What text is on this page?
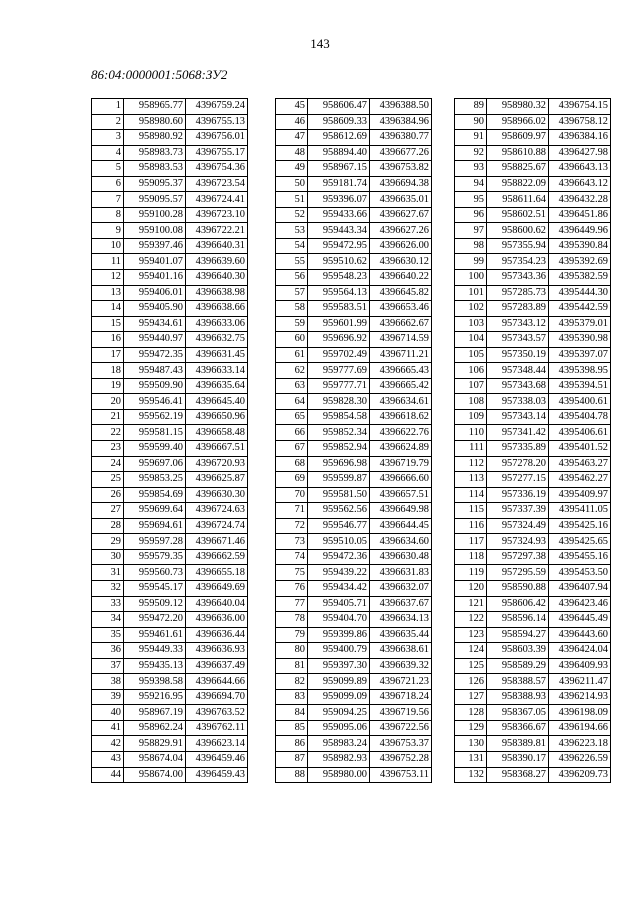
143
86:04:0000001:5068:ЗУ2
1	958965.77	4396759.24
2	958980.60	4396755.13
3	958980.92	4396756.01
4	958983.73	4396755.17
5	958983.53	4396754.36
6	959095.37	4396723.54
7	959095.57	4396724.41
8	959100.28	4396723.10
9	959100.08	4396722.21
10	959397.46	4396640.31
11	959401.07	4396639.60
12	959401.16	4396640.30
13	959406.01	4396638.98
14	959405.90	4396638.66
15	959434.61	4396633.06
16	959440.97	4396632.75
17	959472.35	4396631.45
18	959487.43	4396633.14
19	959509.90	4396635.64
20	959546.41	4396645.40
21	959562.19	4396650.96
22	959581.15	4396658.48
23	959599.40	4396667.51
24	959697.06	4396720.93
25	959853.25	4396625.87
26	959854.69	4396630.30
27	959699.64	4396724.63
28	959694.61	4396724.74
29	959597.28	4396671.46
30	959579.35	4396662.59
31	959560.73	4396655.18
32	959545.17	4396649.69
33	959509.12	4396640.04
34	959472.20	4396636.00
35	959461.61	4396636.44
36	959449.33	4396636.93
37	959435.13	4396637.49
38	959398.58	4396644.66
39	959216.95	4396694.70
40	958967.19	4396763.52
41	958962.24	4396762.11
42	958829.91	4396623.14
43	958674.04	4396459.46
44	958674.00	4396459.43
45	958606.47	4396388.50
46	958609.33	4396384.96
47	958612.69	4396380.77
48	958894.40	4396677.26
49	958967.15	4396753.82
50	959181.74	4396694.38
51	959396.07	4396635.01
52	959433.66	4396627.67
53	959443.34	4396627.26
54	959472.95	4396626.00
55	959510.62	4396630.12
56	959548.23	4396640.22
57	959564.13	4396645.82
58	959583.51	4396653.46
59	959601.99	4396662.67
60	959696.92	4396714.59
61	959702.49	4396711.21
62	959777.69	4396665.43
63	959777.71	4396665.42
64	959828.30	4396634.61
65	959854.58	4396618.62
66	959852.34	4396622.76
67	959852.94	4396624.89
68	959696.98	4396719.79
69	959599.87	4396666.60
70	959581.50	4396657.51
71	959562.56	4396649.98
72	959546.77	4396644.45
73	959510.05	4396634.60
74	959472.36	4396630.48
75	959439.22	4396631.83
76	959434.42	4396632.07
77	959405.71	4396637.67
78	959404.70	4396634.13
79	959399.86	4396635.44
80	959400.79	4396638.61
81	959397.30	4396639.32
82	959099.89	4396721.23
83	959099.09	4396718.24
84	959094.25	4396719.56
85	959095.06	4396722.56
86	958983.24	4396753.37
87	958982.93	4396752.28
88	958980.00	4396753.11
89	958980.32	4396754.15
90	958966.02	4396758.12
91	958609.97	4396384.16
92	958610.88	4396427.98
93	958825.67	4396643.13
94	958822.09	4396643.12
95	958611.64	4396432.28
96	958602.51	4396451.86
97	958600.62	4396449.96
98	957355.94	4395390.84
99	957354.23	4395392.69
100	957343.36	4395382.59
101	957285.73	4395444.30
102	957283.89	4395442.59
103	957343.12	4395379.01
104	957343.57	4395390.98
105	957350.19	4395397.07
106	957348.44	4395398.95
107	957343.68	4395394.51
108	957338.03	4395400.61
109	957343.14	4395404.78
110	957341.42	4395406.61
111	957335.89	4395401.52
112	957278.20	4395463.27
113	957277.15	4395462.27
114	957336.19	4395409.97
115	957337.39	4395411.05
116	957324.49	4395425.16
117	957324.93	4395425.65
118	957297.38	4395455.16
119	957295.59	4395453.50
120	958590.88	4396407.94
121	958606.42	4396423.46
122	958596.14	4396445.49
123	958594.27	4396443.60
124	958603.39	4396424.04
125	958589.29	4396409.93
126	958388.57	4396211.47
127	958388.93	4396214.93
128	958367.05	4396198.09
129	958366.67	4396194.66
130	958389.81	4396223.18
131	958390.17	4396226.59
132	958368.27	4396209.73
